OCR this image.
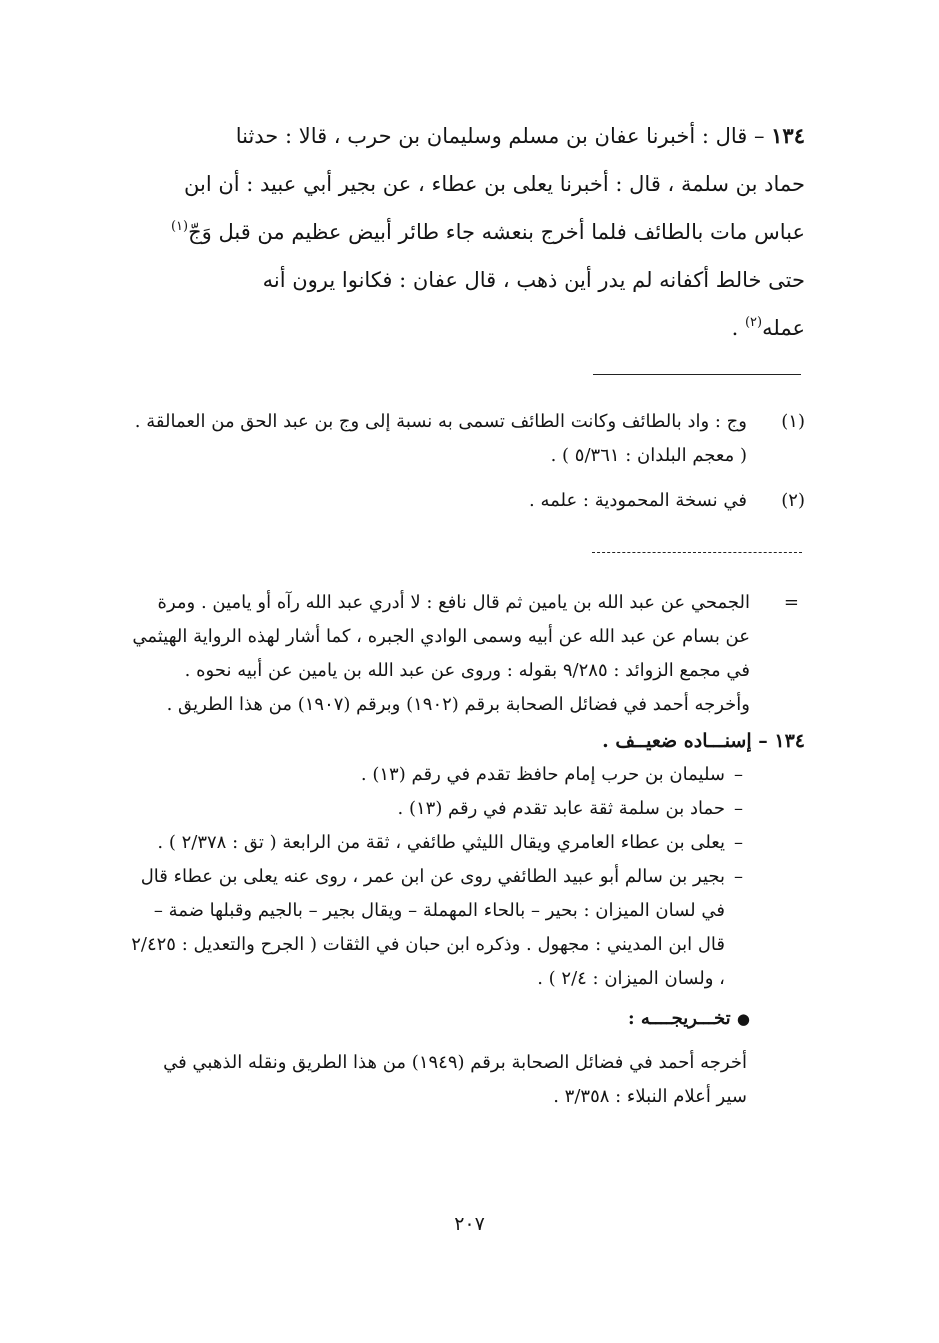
١٣٤ – قال : أخبرنا عفان بن مسلم وسليمان بن حرب ، قالا : حدثنا
حماد بن سلمة ، قال : أخبرنا يعلى بن عطاء ، عن بجير أبي عبيد : أن ابن
عباس مات بالطائف فلما أخرج بنعشه جاء طائر أبيض عظيم من قبل وَجّ$^{(١)}$
حتى خالط أكفانه لم يدر أين ذهب ، قال عفان : فكانوا يرون أنه
عمله$^{(٢)}$ .
(١)
وج : واد بالطائف وكانت الطائف تسمى به نسبة إلى وج بن عبد الحق من العمالقة . ( معجم البلدان : ٥/٣٦١ ) .
(٢)
في نسخة المحمودية : علمه .
=
الجمحي عن عبد الله بن يامين ثم قال نافع : لا أدري عبد الله رآه أو يامين . ومرة عن بسام عن عبد الله عن أبيه وسمى الوادي الجبره ، كما أشار لهذه الرواية الهيثمي في مجمع الزوائد : ٩/٢٨٥ بقوله : وروى عن عبد الله بن يامين عن أبيه نحوه . وأخرجه أحمد في فضائل الصحابة برقم (١٩٠٢) وبرقم (١٩٠٧) من هذا الطريق .
١٣٤ – إسنـــاده ضعيــف .
–
سليمان بن حرب إمام حافظ تقدم في رقم (١٣) .
–
حماد بن سلمة ثقة عابد تقدم في رقم (١٣) .
–
يعلى بن عطاء العامري ويقال الليثي طائفي ، ثقة من الرابعة ( تق : ٢/٣٧٨ ) .
–
بجير بن سالم أبو عبيد الطائفي روى عن ابن عمر ، روى عنه يعلى بن عطاء قال في لسان الميزان : بحير – بالحاء المهملة – ويقال بجير – بالجيم وقبلها ضمة – قال ابن المديني : مجهول . وذكره ابن حبان في الثقات ( الجرح والتعديل : ٢/٤٢٥ ، ولسان الميزان : ٢/٤ ) .
● تخـــريجــــه :
أخرجه أحمد في فضائل الصحابة برقم (١٩٤٩) من هذا الطريق ونقله الذهبي في سير أعلام النبلاء : ٣/٣٥٨ .
٢٠٧
